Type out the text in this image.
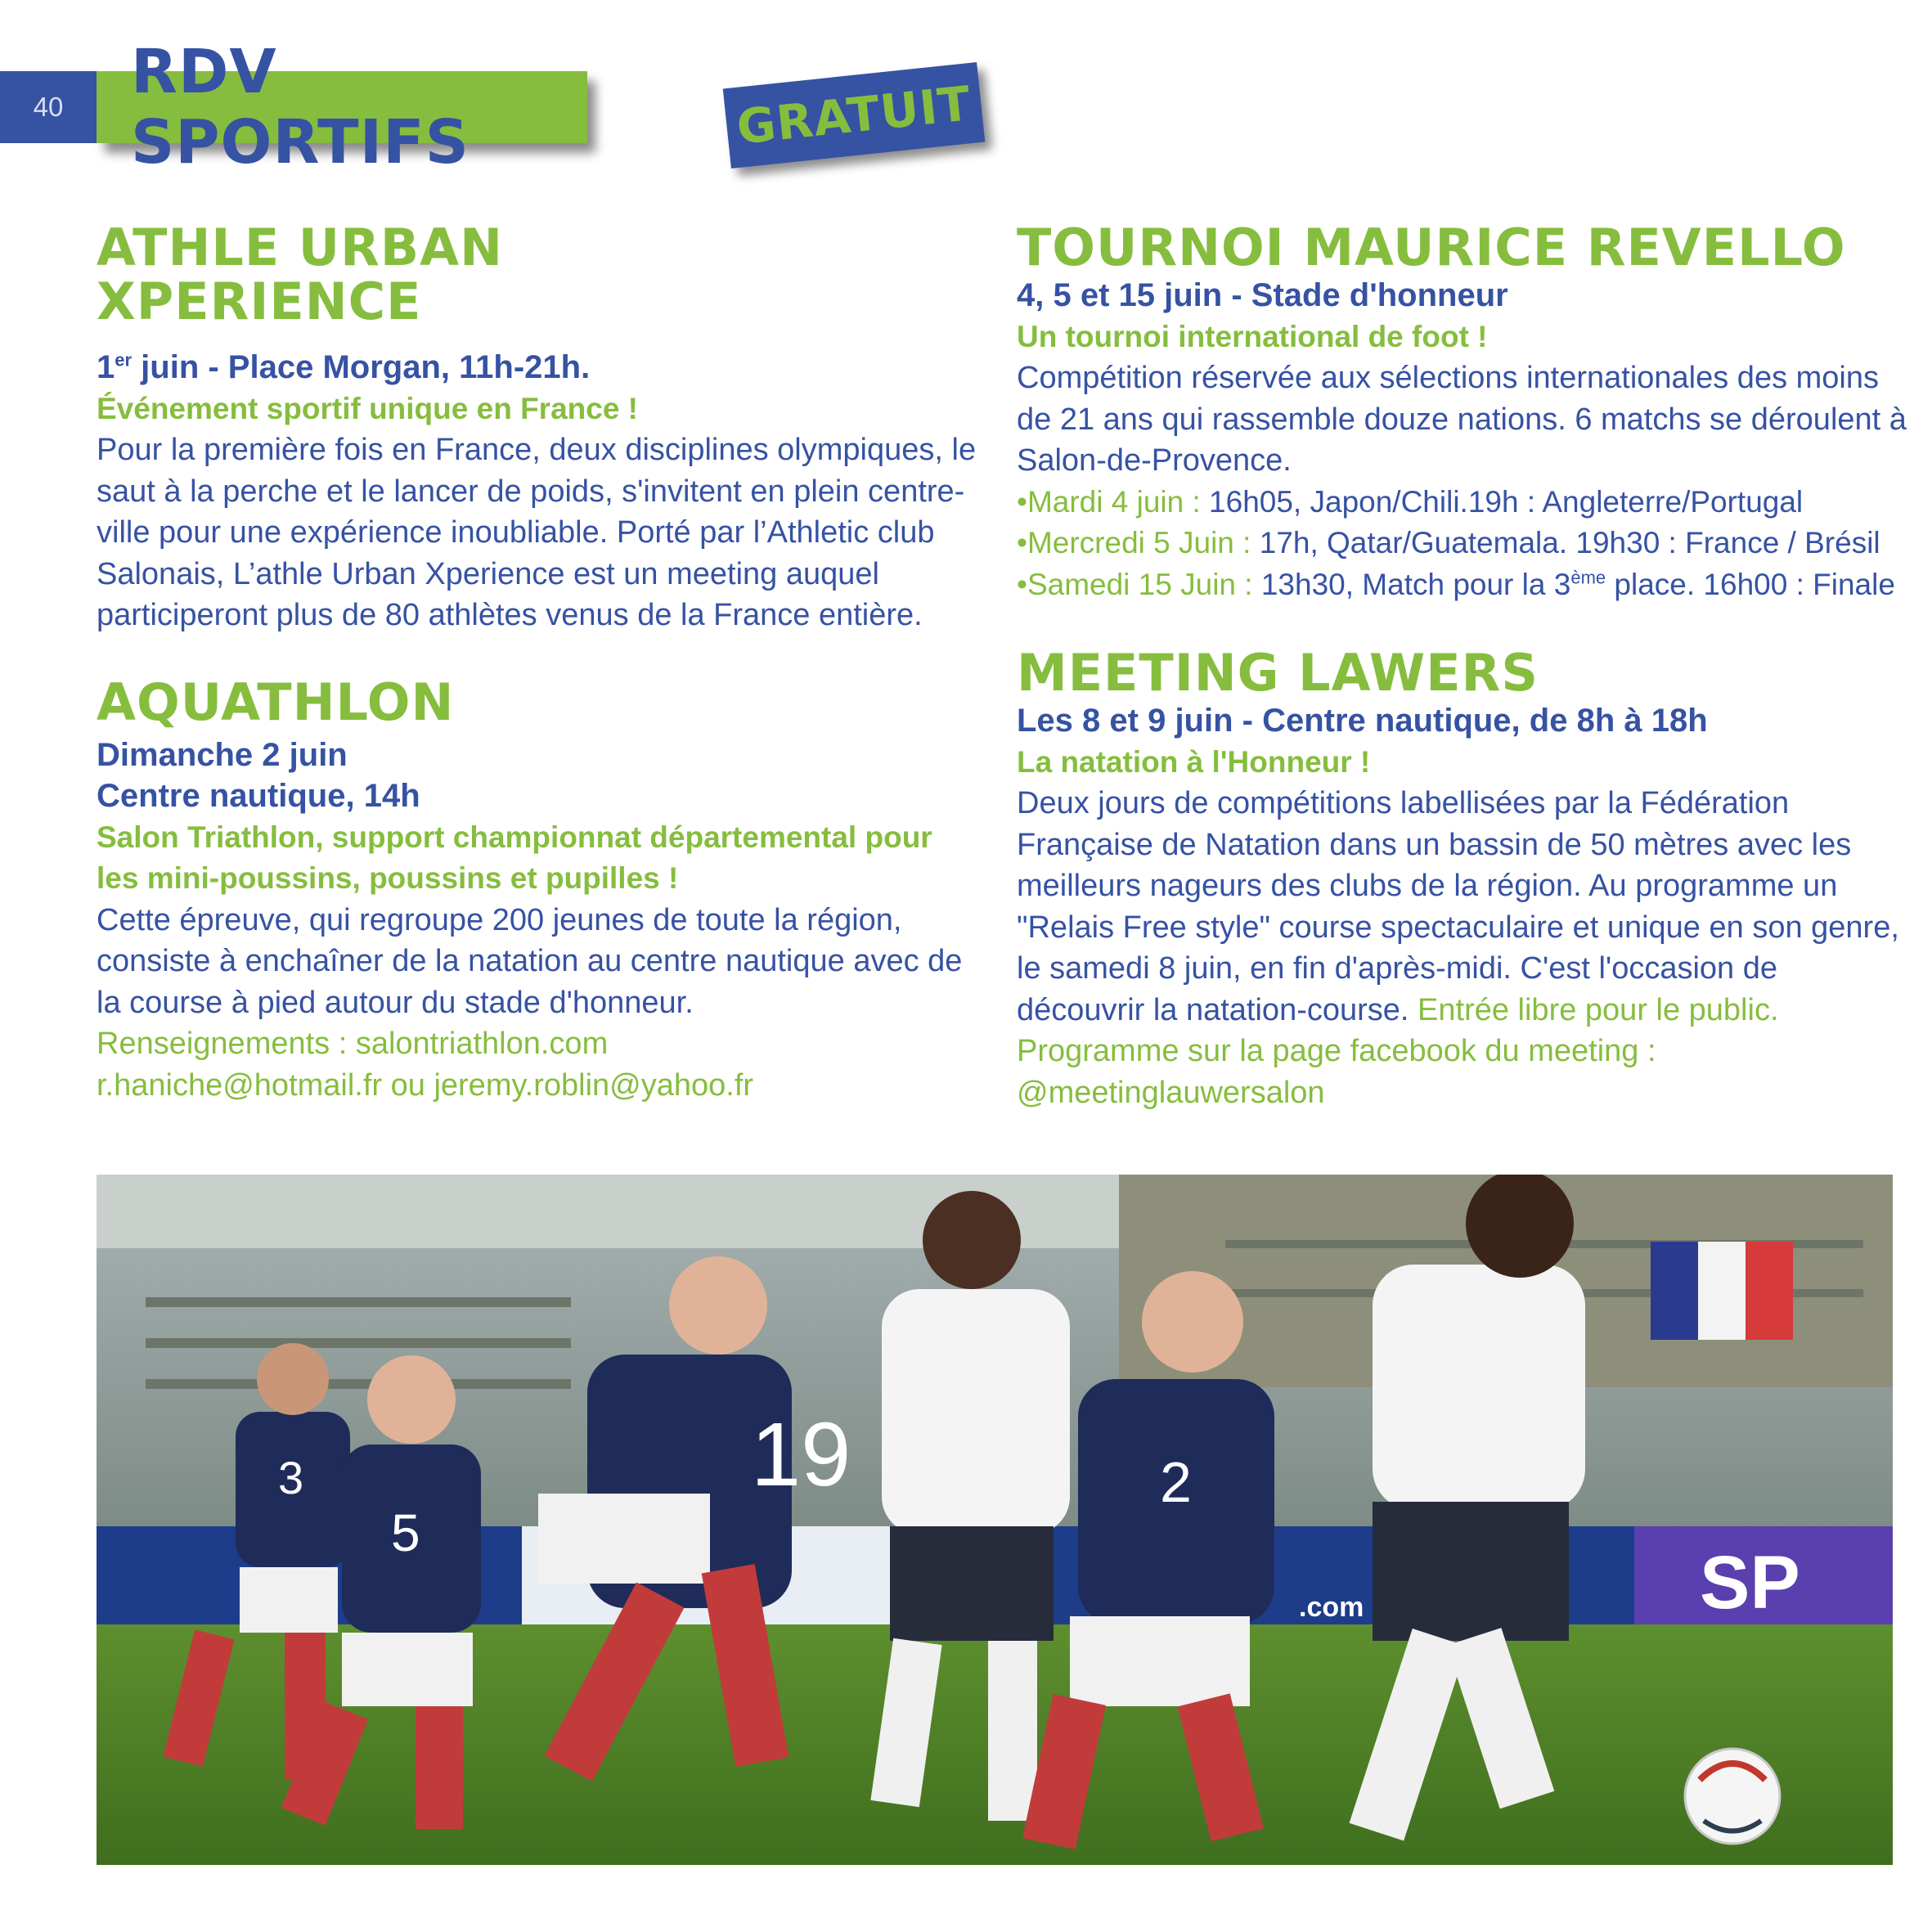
40	RDV SPORTIFS	GRATUIT
ATHLE URBAN
XPERIENCE

1er juin - Place Morgan, 11h-21h.

Événement sportif unique en France !

Pour la première fois en France, deux disciplines olympiques, le saut à la perche et le lancer de poids, s'invitent en plein centre-ville pour une expérience inoubliable. Porté par l’Athletic club Salonais, L’athle Urban Xperience est un meeting auquel participeront plus de 80 athlètes venus de la France entière.

AQUATHLON

Dimanche 2 juin

Centre nautique, 14h

Salon Triathlon, support championnat départemental pour les mini-poussins, poussins et pupilles !

Cette épreuve, qui regroupe 200 jeunes de toute la région, consiste à enchaîner de la natation au centre nautique avec de la course à pied autour du stade d'honneur.

Renseignements : salontriathlon.com

r.haniche@hotmail.fr ou jeremy.roblin@yahoo.fr

TOURNOI MAURICE REVELLO

4, 5 et 15 juin - Stade d'honneur

Un tournoi international de foot !

Compétition réservée aux sélections internationales des moins de 21 ans qui rassemble douze nations. 6 matchs se déroulent à Salon-de-Provence.

•Mardi 4 juin : 16h05, Japon/Chili.19h : Angleterre/Portugal

•Mercredi 5 Juin : 17h, Qatar/Guatemala. 19h30 : France / Brésil

•Samedi 15 Juin : 13h30, Match pour la 3ème place. 16h00 : Finale

MEETING LAWERS

Les 8 et 9 juin - Centre nautique, de 8h à 18h

La natation à l'Honneur !

Deux jours de compétitions labellisées par la Fédération Française de Natation dans un bassin de 50 mètres avec les meilleurs nageurs des clubs de la région. Au programme un "Relais Free style" course spectaculaire et unique en son genre, le samedi 8 juin, en fin d'après-midi. C'est l'occasion de découvrir la natation-course. Entrée libre pour le public.

Programme sur la page facebook du meeting :

@meetinglauwersalon

SP
.com
3
5
19	2
